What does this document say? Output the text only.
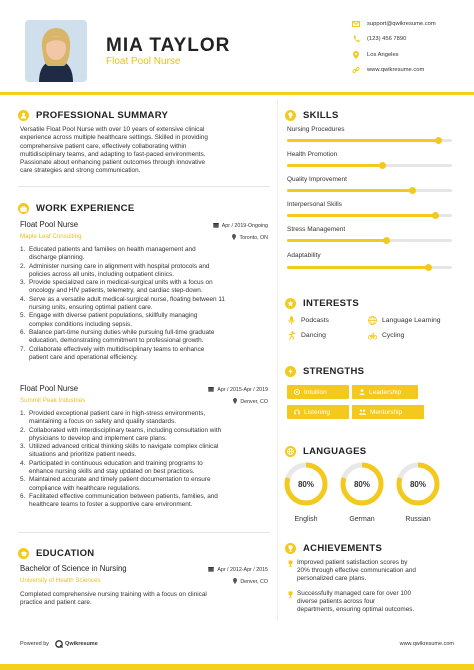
MIA TAYLOR
Float Pool Nurse
support@qwikresume.com
(123) 456 7890
Los Angeles
www.qwikresume.com
PROFESSIONAL SUMMARY
Versatile Float Pool Nurse with over 10 years of extensive clinical
experience across multiple healthcare settings. Skilled in providing
comprehensive patient care, effectively collaborating within
multidisciplinary teams, and adapting to fast-paced environments.
Passionate about enhancing patient outcomes through innovative
care strategies and strong communication.
WORK EXPERIENCE
Float Pool Nurse
Maple Leaf Consulting
Apr / 2019-Ongoing
Toronto, ON
1. Educated patients and families on health management and
discharge planning.
2. Administer nursing care in alignment with hospital protocols and
policies across all units, including outpatient clinics.
3. Provide specialized care in medical-surgical units with a focus on
oncology and HIV patients, telemetry, and cardiac step-down.
4. Serve as a versatile adult medical-surgical nurse, floating between 11
nursing units, ensuring optimal patient care.
5. Engage with diverse patient populations, skillfully managing
complex conditions including sepsis.
6. Balance part-time nursing duties while pursuing full-time graduate
education, demonstrating commitment to professional growth.
7. Collaborate effectively with multidisciplinary teams to enhance
patient care and operational efficiency.
Float Pool Nurse
Summit Peak Industries
Apr / 2015-Apr / 2019
Denver, CO
1. Provided exceptional patient care in high-stress environments,
maintaining a focus on safety and quality standards.
2. Collaborated with interdisciplinary teams, including consultation with
physicians to develop and implement care plans.
3. Utilized advanced critical thinking skills to navigate complex clinical
situations and prioritize patient needs.
4. Participated in continuous education and training programs to
enhance nursing skills and stay updated on best practices.
5. Maintained accurate and timely patient documentation to ensure
compliance with healthcare regulations.
6. Facilitated effective communication between patients, families, and
healthcare teams to foster a supportive care environment.
EDUCATION
Bachelor of Science in Nursing
University of Health Sciences
Apr / 2012-Apr / 2015
Denver, CO
Completed comprehensive nursing training with a focus on clinical
practice and patient care.
SKILLS
Nursing Procedures
Health Promotion
Quality Improvement
Interpersonal Skills
Stress Management
Adaptability
INTERESTS
Podcasts	Language Learning
Dancing	Cycling
STRENGTHS
Intuition	Leadership
Listening	Mentorship
LANGUAGES
80%
English
80%
German
80%
Russian
ACHIEVEMENTS
Improved patient satisfaction scores by
20% through effective communication and
personalized care plans.
Successfully managed care for over 100
diverse patients across four
departments, ensuring optimal outcomes.
Powered by	Qwikresume	www.qwikresume.com
